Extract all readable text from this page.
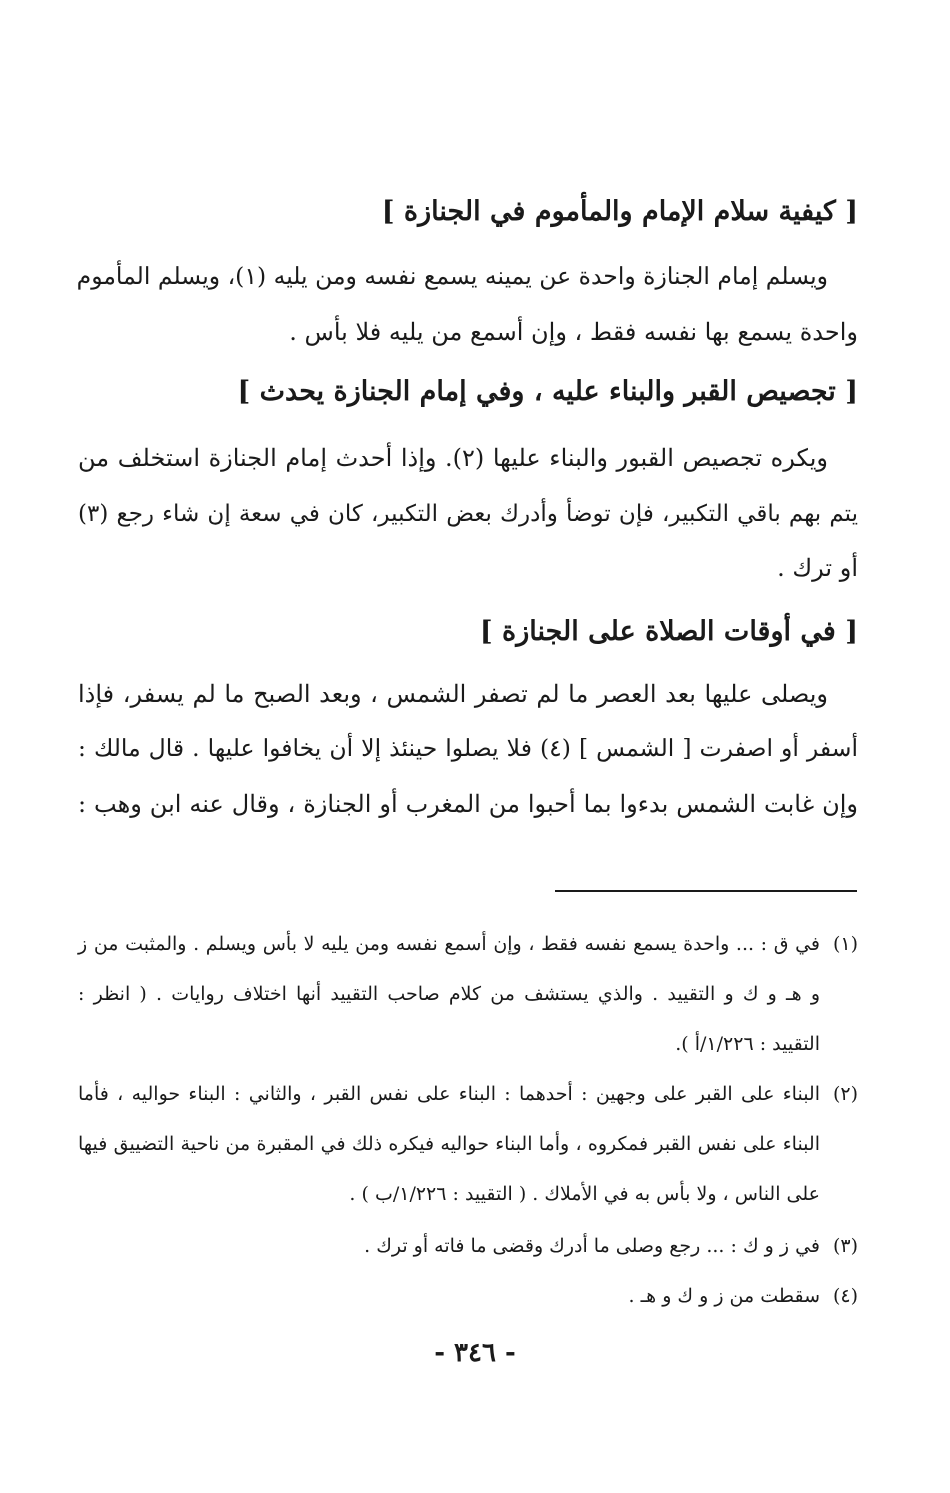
[ كيفية سلام الإمام والمأموم في الجنازة ]
ويسلم إمام الجنازة واحدة عن يمينه يسمع نفسه ومن يليه (١)، ويسلم المأموم
واحدة يسمع بها نفسه فقط ، وإن أسمع من يليه فلا بأس .
[ تجصيص القبر والبناء عليه ، وفي إمام الجنازة يحدث ]
ويكره تجصيص القبور والبناء عليها (٢). وإذا أحدث إمام الجنازة استخلف من
يتم بهم باقي التكبير، فإن توضأ وأدرك بعض التكبير، كان في سعة إن شاء رجع (٣)
أو ترك .
[ في أوقات الصلاة على الجنازة ]
ويصلى عليها بعد العصر ما لم تصفر الشمس ، وبعد الصبح ما لم يسفر، فإذا
أسفر أو اصفرت [ الشمس ] (٤) فلا يصلوا حينئذ إلا أن يخافوا عليها . قال مالك :
وإن غابت الشمس بدءوا بما أحبوا من المغرب أو الجنازة ، وقال عنه ابن وهب :
(١)
في ق : ... واحدة يسمع نفسه فقط ، وإن أسمع نفسه ومن يليه لا بأس ويسلم . والمثبت من ز
و هـ و ك و التقييد . والذي يستشف من كلام صاحب التقييد أنها اختلاف روايات . ( انظر :
التقييد : ١/٢٢٦/أ ).
(٢)
البناء على القبر على وجهين : أحدهما : البناء على نفس القبر ، والثاني : البناء حواليه ، فأما
البناء على نفس القبر فمكروه ، وأما البناء حواليه فيكره ذلك في المقبرة من ناحية التضييق فيها
على الناس ، ولا بأس به في الأملاك . ( التقييد : ١/٢٢٦/ب ) .
(٣)
في ز و ك : ... رجع وصلى ما أدرك وقضى ما فاته أو ترك .
(٤)
سقطت من ز و ك و هـ .
- ٣٤٦ -
